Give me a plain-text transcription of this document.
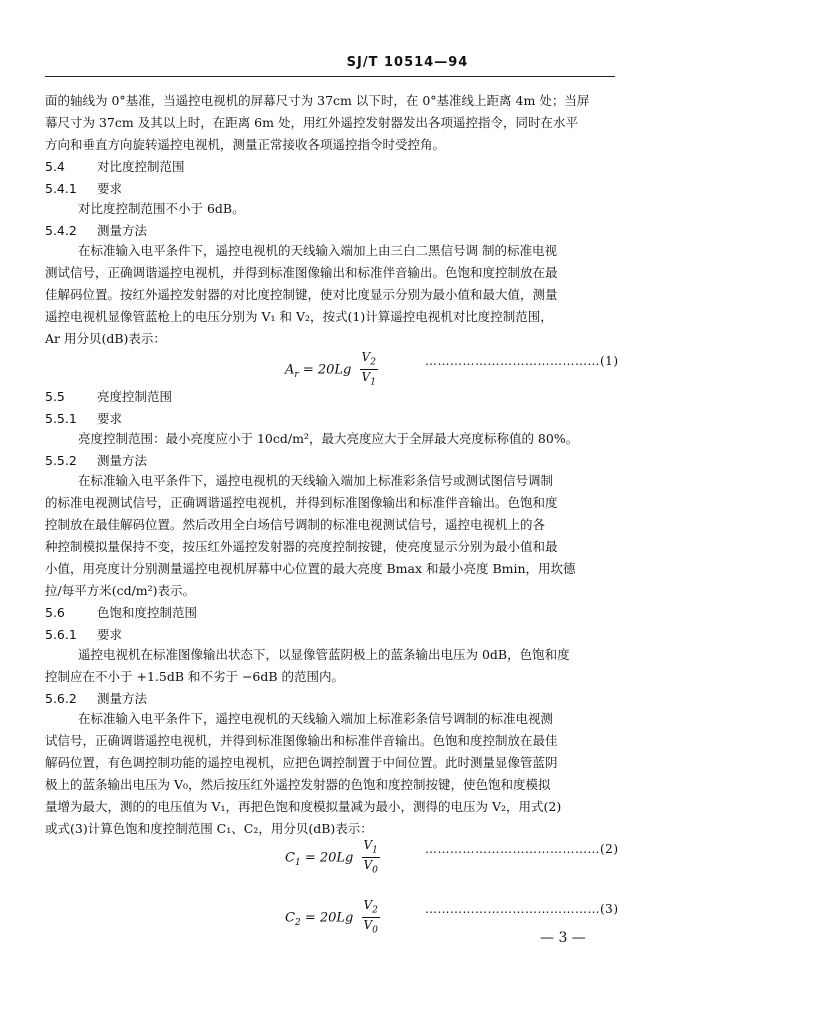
SJ/T 10514—94
面的轴线为 0°基准，当遥控电视机的屏幕尺寸为 37cm 以下时，在 0°基准线上距离 4m 处；当屏
幕尺寸为 37cm 及其以上时，在距离 6m 处，用红外遥控发射器发出各项遥控指令，同时在水平
方向和垂直方向旋转遥控电视机，测量正常接收各项遥控指令时受控角。
5.4	对比度控制范围
5.4.1 要求
对比度控制范围不小于 6dB。
5.4.2 测量方法
在标准输入电平条件下，遥控电视机的天线输入端加上由三白二黑信号调 制的标准电视
测试信号，正确调谐遥控电视机，并得到标准图像输出和标准伴音输出。色饱和度控制放在最
佳解码位置。按红外遥控发射器的对比度控制键，使对比度显示分别为最小值和最大值，测量
遥控电视机显像管蓝枪上的电压分别为 V₁ 和 V₂，按式(1)计算遥控电视机对比度控制范围，
Ar 用分贝(dB)表示：
$A_r = 20Lg \frac{V_2}{V_1}$	……………………………………(1)
5.5	亮度控制范围
5.5.1 要求
亮度控制范围：最小亮度应小于 10cd/m²，最大亮度应大于全屏最大亮度标称值的 80%。
5.5.2 测量方法
在标准输入电平条件下，遥控电视机的天线输入端加上标准彩条信号或测试图信号调制
的标准电视测试信号，正确调谐遥控电视机，并得到标准图像输出和标准伴音输出。色饱和度
控制放在最佳解码位置。然后改用全白场信号调制的标准电视测试信号，遥控电视机上的各
种控制模拟量保持不变，按压红外遥控发射器的亮度控制按键，使亮度显示分别为最小值和最
小值，用亮度计分别测量遥控电视机屏幕中心位置的最大亮度 Bmax 和最小亮度 Bmin，用坎德
拉/每平方米(cd/m²)表示。
5.6	色饱和度控制范围
5.6.1 要求
遥控电视机在标准图像输出状态下，以显像管蓝阴极上的蓝条输出电压为 0dB，色饱和度
控制应在不小于 +1.5dB 和不劣于 −6dB 的范围内。
5.6.2 测量方法
在标准输入电平条件下，遥控电视机的天线输入端加上标准彩条信号调制的标准电视测
试信号，正确调谐遥控电视机，并得到标准图像输出和标准伴音输出。色饱和度控制放在最佳
解码位置，有色调控制功能的遥控电视机，应把色调控制置于中间位置。此时测量显像管蓝阴
极上的蓝条输出电压为 V₀，然后按压红外遥控发射器的色饱和度控制按键，使色饱和度模拟
量增为最大，测的的电压值为 V₁，再把色饱和度模拟量减为最小，测得的电压为 V₂，用式(2)
或式(3)计算色饱和度控制范围 C₁、C₂，用分贝(dB)表示：
$C_1 = 20Lg \frac{V_1}{V_0}$	……………………………………(2)
$C_2 = 20Lg \frac{V_2}{V_0}$	……………………………………(3)
— 3 —
